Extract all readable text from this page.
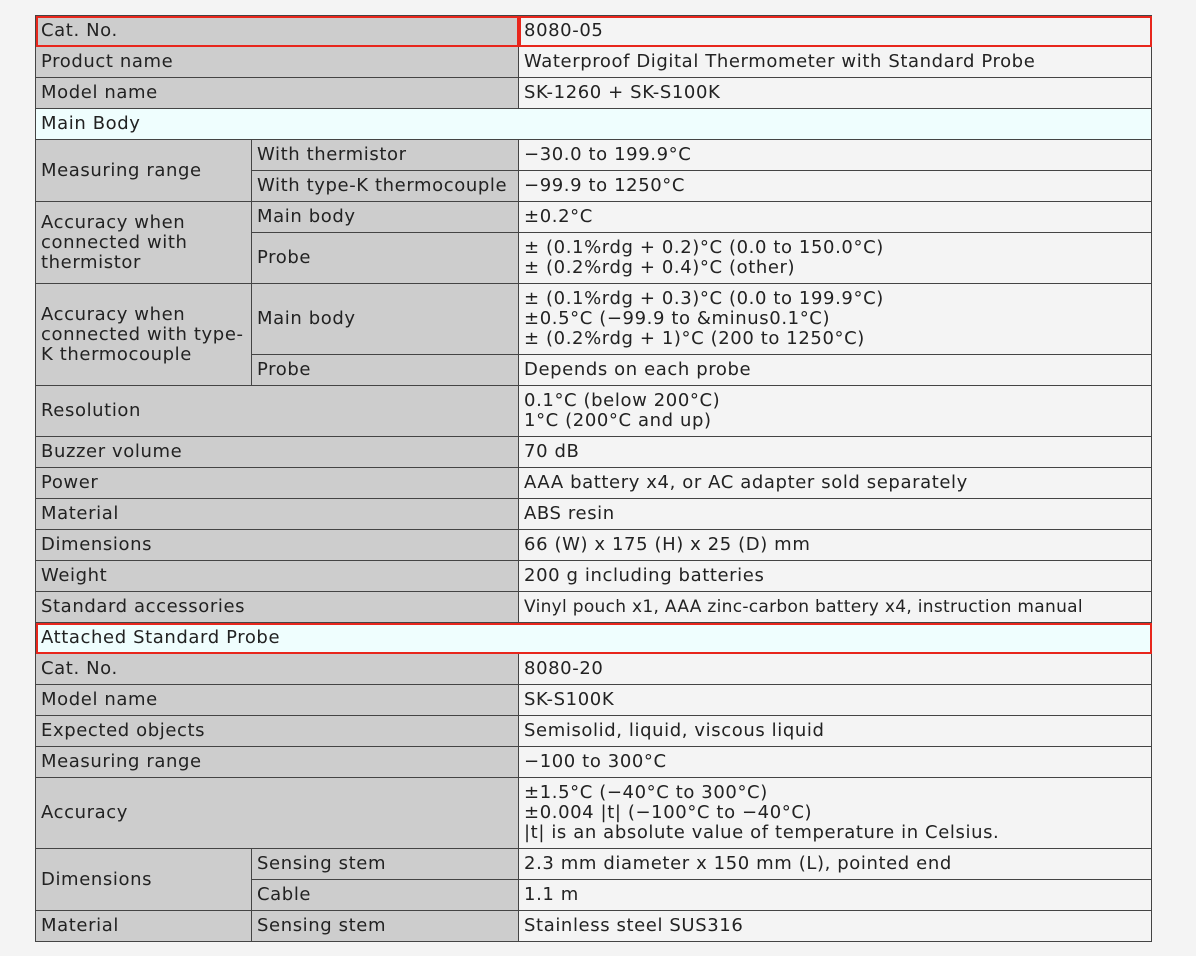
Cat. No.		8080-05
Product name		Waterproof Digital Thermometer with Standard Probe
Model name		SK-1260 + SK-S100K
Main Body		
Measuring range	With thermistor	−30.0 to 199.9°C
	With type-K thermocouple	−99.9 to 1250°C
Accuracy when connected with thermistor	Main body	±0.2°C
	Probe	± (0.1%rdg + 0.2)°C (0.0 to 150.0°C)
± (0.2%rdg + 0.4)°C (other)

Accuracy when connected with type-K thermocouple	Main body	± (0.1%rdg + 0.3)°C (0.0 to 199.9°C)
±0.5°C (−99.9 to &minus0.1°C)
± (0.2%rdg + 1)°C (200 to 1250°C)

	Probe	Depends on each probe
Resolution		0.1°C (below 200°C)
1°C (200°C and up)

Buzzer volume		70 dB
Power		AAA battery x4, or AC adapter sold separately
Material		ABS resin
Dimensions		66 (W) x 175 (H) x 25 (D) mm
Weight		200 g including batteries
Standard accessories		Vinyl pouch x1, AAA zinc-carbon battery x4, instruction manual
Attached Standard Probe		
Cat. No.		8080-20
Model name		SK-S100K
Expected objects		Semisolid, liquid, viscous liquid
Measuring range		−100 to 300°C
Accuracy		±1.5°C (−40°C to 300°C)
±0.004 |t| (−100°C to −40°C)
|t| is an absolute value of temperature in Celsius.

Dimensions	Sensing stem	2.3 mm diameter x 150 mm (L), pointed end
	Cable	1.1 m
Material	Sensing stem	Stainless steel SUS316
